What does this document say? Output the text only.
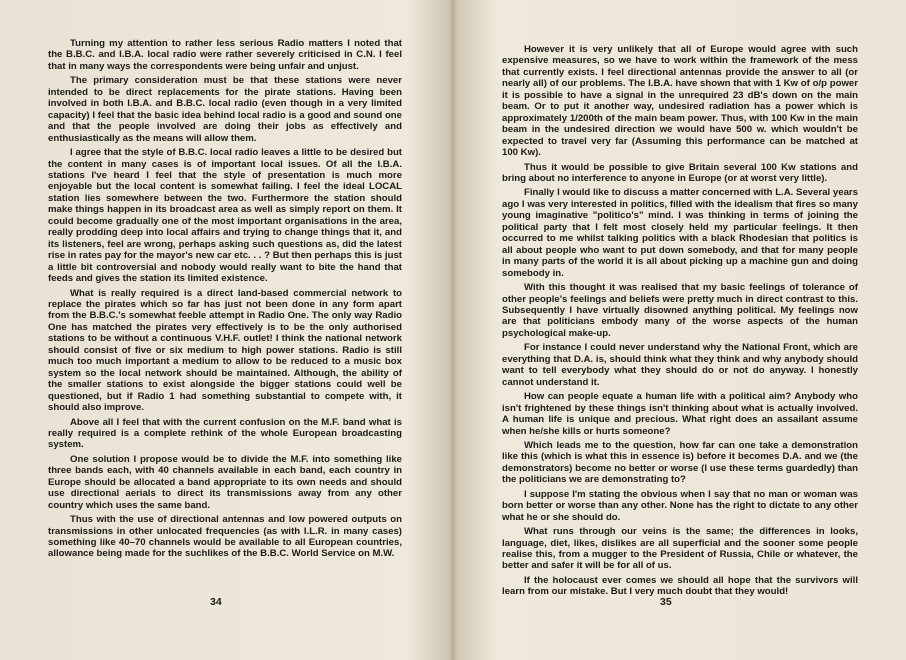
Turning my attention to rather less serious Radio matters I noted that the B.B.C. and I.B.A. local radio were rather severely criticised in C.N. I feel that in many ways the correspondents were being unfair and unjust.

The primary consideration must be that these stations were never intended to be direct replacements for the pirate stations. Having been involved in both I.B.A. and B.B.C. local radio (even though in a very limited capacity) I feel that the basic idea behind local radio is a good and sound one and that the people involved are doing their jobs as effectively and enthusiastically as the means will allow them.

I agree that the style of B.B.C. local radio leaves a little to be desired but the content in many cases is of important local issues. Of all the I.B.A. stations I've heard I feel that the style of presentation is much more enjoyable but the local content is somewhat failing. I feel the ideal LOCAL station lies somewhere between the two. Furthermore the station should make things happen in its broadcast area as well as simply report on them. It could become gradually one of the most important organisations in the area, really prodding deep into local affairs and trying to change things that it, and its listeners, feel are wrong, perhaps asking such questions as, did the latest rise in rates pay for the mayor's new car etc. . . ? But then perhaps this is just a little bit controversial and nobody would really want to bite the hand that feeds and gives the station its limited existence.

What is really required is a direct land-based commercial network to replace the pirates which so far has just not been done in any form apart from the B.B.C.'s somewhat feeble attempt in Radio One. The only way Radio One has matched the pirates very effectively is to be the only authorised stations to be without a continuous V.H.F. outlet! I think the national network should consist of five or six medium to high power stations. Radio is still much too much important a medium to allow to be reduced to a music box system so the local network should be maintained. Although, the ability of the smaller stations to exist alongside the bigger stations could well be questioned, but if Radio 1 had something substantial to compete with, it should also improve.

Above all I feel that with the current confusion on the M.F. band what is really required is a complete rethink of the whole European broadcasting system.

One solution I propose would be to divide the M.F. into something like three bands each, with 40 channels available in each band, each country in Europe should be allocated a band appropriate to its own needs and should use directional aerials to direct its transmissions away from any other country which uses the same band.

Thus with the use of directional antennas and low powered outputs on transmissions in other unlocated frequencies (as with I.L.R. in many cases) something like 40–70 channels would be available to all European countries, allowance being made for the suchlikes of the B.B.C. World Service on M.W.

34

However it is very unlikely that all of Europe would agree with such expensive measures, so we have to work within the framework of the mess that currently exists. I feel directional antennas provide the answer to all (or nearly all) of our problems. The I.B.A. have shown that with 1 Kw of o/p power it is possible to have a signal in the unrequired 23 dB's down on the main beam. Or to put it another way, undesired radiation has a power which is approximately 1/200th of the main beam power. Thus, with 100 Kw in the main beam in the undesired direction we would have 500 w. which wouldn't be expected to travel very far (Assuming this performance can be matched at 100 Kw).

Thus it would be possible to give Britain several 100 Kw stations and bring about no interference to anyone in Europe (or at worst very little).

Finally I would like to discuss a matter concerned with L.A. Several years ago I was very interested in politics, filled with the idealism that fires so many young imaginative "politico's" mind. I was thinking in terms of joining the political party that I felt most closely held my particular feelings. It then occurred to me whilst talking politics with a black Rhodesian that politics is all about people who want to put down somebody, and that for many people in many parts of the world it is all about picking up a machine gun and doing somebody in.

With this thought it was realised that my basic feelings of tolerance of other people's feelings and beliefs were pretty much in direct contrast to this. Subsequently I have virtually disowned anything political. My feelings now are that politicians embody many of the worse aspects of the human psychological make-up.

For instance I could never understand why the National Front, which are everything that D.A. is, should think what they think and why anybody should want to tell everybody what they should do or not do anyway. I honestly cannot understand it.

How can people equate a human life with a political aim? Anybody who isn't frightened by these things isn't thinking about what is actually involved. A human life is unique and precious. What right does an assailant assume when he/she kills or hurts someone?

Which leads me to the question, how far can one take a demonstration like this (which is what this in essence is) before it becomes D.A. and we (the demonstrators) become no better or worse (I use these terms guardedly) than the politicians we are demonstrating to?

I suppose I'm stating the obvious when I say that no man or woman was born better or worse than any other. None has the right to dictate to any other what he or she should do.

What runs through our veins is the same; the differences in looks, language, diet, likes, dislikes are all superficial and the sooner some people realise this, from a mugger to the President of Russia, Chile or whatever, the better and safer it will be for all of us.

If the holocaust ever comes we should all hope that the survivors will learn from our mistake. But I very much doubt that they would!

35
